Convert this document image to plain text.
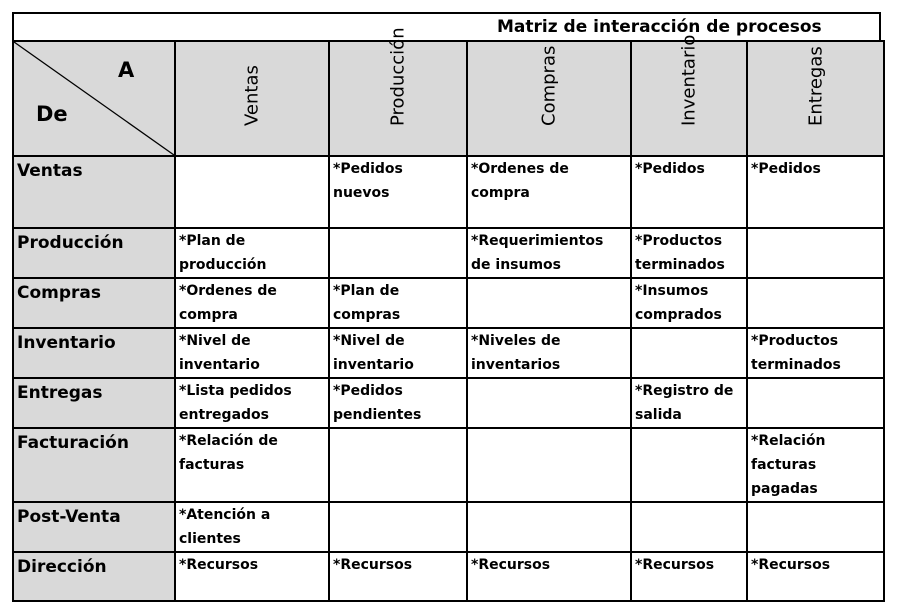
Matriz de interacción de procesos
A
De	Ventas	Producción	Compras	Inventario	Entregas

Ventas		*Pedidos nuevos	*Ordenes de compra	*Pedidos	*Pedidos
Producción	*Plan de producción		*Requerimientos de insumos	*Productos terminados	
Compras	*Ordenes de compra	*Plan de compras		*Insumos comprados	
Inventario	*Nivel de inventario	*Nivel de inventario	*Niveles de inventarios		*Productos terminados
Entregas	*Lista pedidos entregados	*Pedidos pendientes		*Registro de salida	
Facturación	*Relación de facturas				*Relación facturas pagadas
Post-Venta	*Atención a clientes				
Dirección	*Recursos	*Recursos	*Recursos	*Recursos	*Recursos
